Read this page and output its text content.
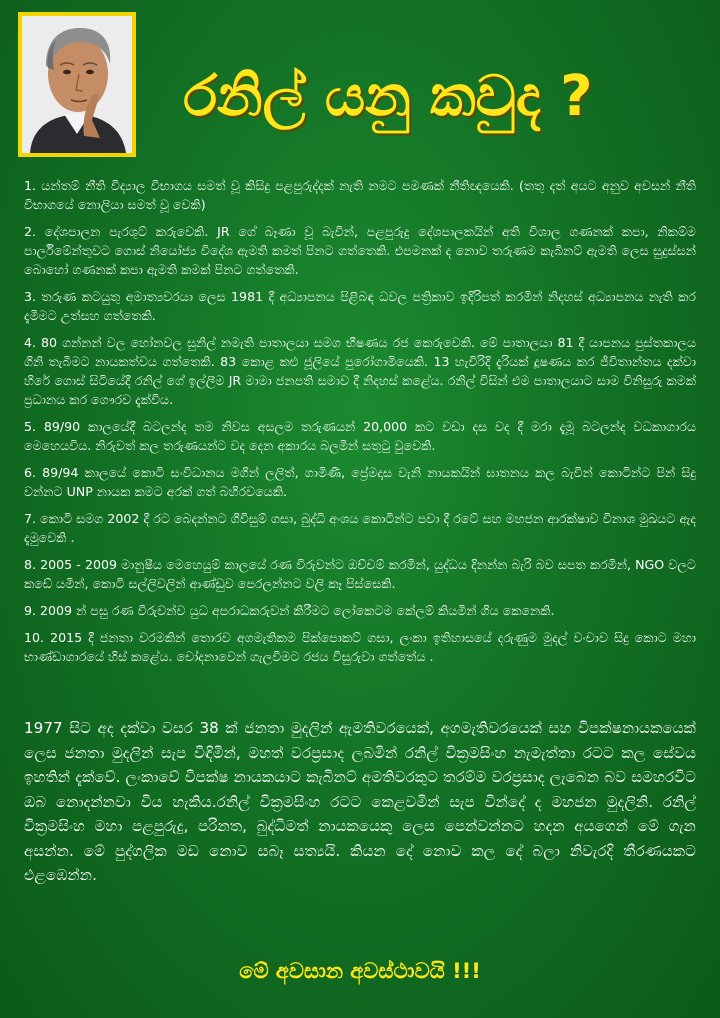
රනිල් යනු කවුද ?
1. යන්තම් නීති විද්‍යාල විභාගය සමත් වූ කිසිදු පළපුරුද්දක් නැති නමට පමණක් නීතිඥයෙකි. (තතු දත් අයට අනුව අවසන් නීති විභාගයේ නොලියා සමත් වූ වෙකි)
2. දේශපාලන පැරශුට් කරුවෙකි. JR ගේ බෑණා වූ බැවින්, පළපුරුදු දේශපාලකයින් අති විශාල ගණනක් කපා, නිකම්ම පාර්ලිමේන්තුවට ගොස් නියෝජ්‍ය විදේශ ඇමති කමත් පිනට ගත්තෙකි. එපමනක් ද නොව තරුණම කැබිනට් ඇමති ලෙස සුදුස්සන් බොහෝ ගණනක් කපා ඇමති කමක් පිනට ගත්තෙකි.
3. තරුණ කටයුතු අමාත්‍යවරයා ලෙස 1981 දී අධ්‍යාපනය පිළිබඳ ධවල පත්‍රිකාව ඉදිරිපත් කරමින් නිදහස් අධ්‍යාපනය නැති කර දැමීමට උත්සහ ගත්තෙකි.
4. 80 ගන්නන් වල හෝනවල සුනිල් නමැති පාතාලයා සමග භීෂණය රජ කෙරුවෙකි. මේ පාතාලයා 81 දී යාපනය පුස්තකාලය ගිනි තැබීමට නායකත්වය ගත්තෙකි. 83 කොළ කළු ජූලියේ පුරෝගාමියෙකි. 13 හැවිරිදි දැරියක් දූෂණය කර ජීවිතාන්තය දක්වා හිරේ ගොස් සිටියේදී රනිල් ගේ ඉල්ලීම JR මාමා ජනපති සමාව දී නිදහස් කළේය. රනිල් විසින් එම පාතාලයාට සාම විනිසුරු කමක් ප්‍රධානය කර ගෞරව දැක්විය.
5. 89/90 කාලයේදී බටලන්ද තම නිවස අසලම තරුණයන් 20,000 කට වඩා දස වද දී මරා දැමූ බටලන්ද වධකාගාරය මෙහෙයවිය. නිරුවත් කල තරුණයන්ට වද දෙන අකාරය බලමින් සතුටු වුවෙකි.
6. 89/94 කාලයේ කොටි සංවිධානය මගින් ලලිත්, ගාමිණී, ප්‍රේමදාස වැනි නායකයින් ඝාතනය කල බැවින් කොටින්ට පින් සිදු වන්නට UNP නායක කමට අරක් ගත් බහිරවයෙකි.
7. කොටි සමග 2002 දී රට බෙදන්නට ගිවිසුම් ගසා, බුද්ධි අංශය කොටින්ට පවා දී රටේ සහ මහජන ආරක්ෂාව විනාශ මුඛයට ඇද දැමුවෙකි .
8. 2005 - 2009 මානුෂීය මෙහෙයුම් කාලයේ රණ විරුවන්ට ඔච්චම් කරමින්, යුද්ධය දිනන්න බැරි බව සපත කරමින්, NGO වලට කඩේ යමින්, කොටි සල්ලිවලින් ආණ්ඩුව පෙරලන්නට වලි කෑ පිස්සෙකි.
9. 2009 න් පසු රණ විරුවන්ව යුධ අපරාධකරුවන් කිරීමට ලෝකෙටම කේලම් කියමින් ගිය කෙනෙකි.
10. 2015 දී ජනතා වරමකින් තොරව අගමැතිකම පික්පොකට් ගසා, ලංකා ඉතිහාසයේ දරුණුම මුදල් වංචාව සිදු කොට මහා භාණ්ඩාගාරයේ හිස් කළේය. චෝදනාවෙන් ගැලවීමට රජය විසුරුවා ගත්තේය .
1977 සිට අද දක්වා වසර 38 ක් ජනතා මුදලින් ඇමතිවරයෙක්, අගමැතිවරයෙක් සහ විපක්ෂනායකයෙක් ලෙස ජනතා මුදලින් සැප විඳිමින්, මහත් වරප්‍රසාද ලබමින් රනිල් වික්‍රමසිංහ නැමැත්තා රටට කල සේවය ඉහතින් දැක්වේ. ලංකාවේ විපක්ෂ නායකයාට කැබිනට් අමතිවරකුට තරම්ම වරප්‍රසාද ලැබෙන බව සමහරවිට ඔබ නොදන්නවා විය හැකිය.රනිල් වික්‍රමසිංහ රටට කෙළවමින් සැප වින්දේ ද මහජන මුදලිනි. රනිල් වික්‍රමසිංහ මහා පළපුරුදු, පරිනත, බුද්ධිමත් නායකයෙකු ලෙස පෙන්වන්නට හදන අයගෙන් මේ ගැන අසන්න. මේ පුද්ගලික මඩ නොව සබෑ සත්‍යයි. කියන දේ නොව කල දේ බලා නිවැරදි තීරණයකට එළඹෙන්න.
මේ අවසාන අවස්ථාවයි !!!
